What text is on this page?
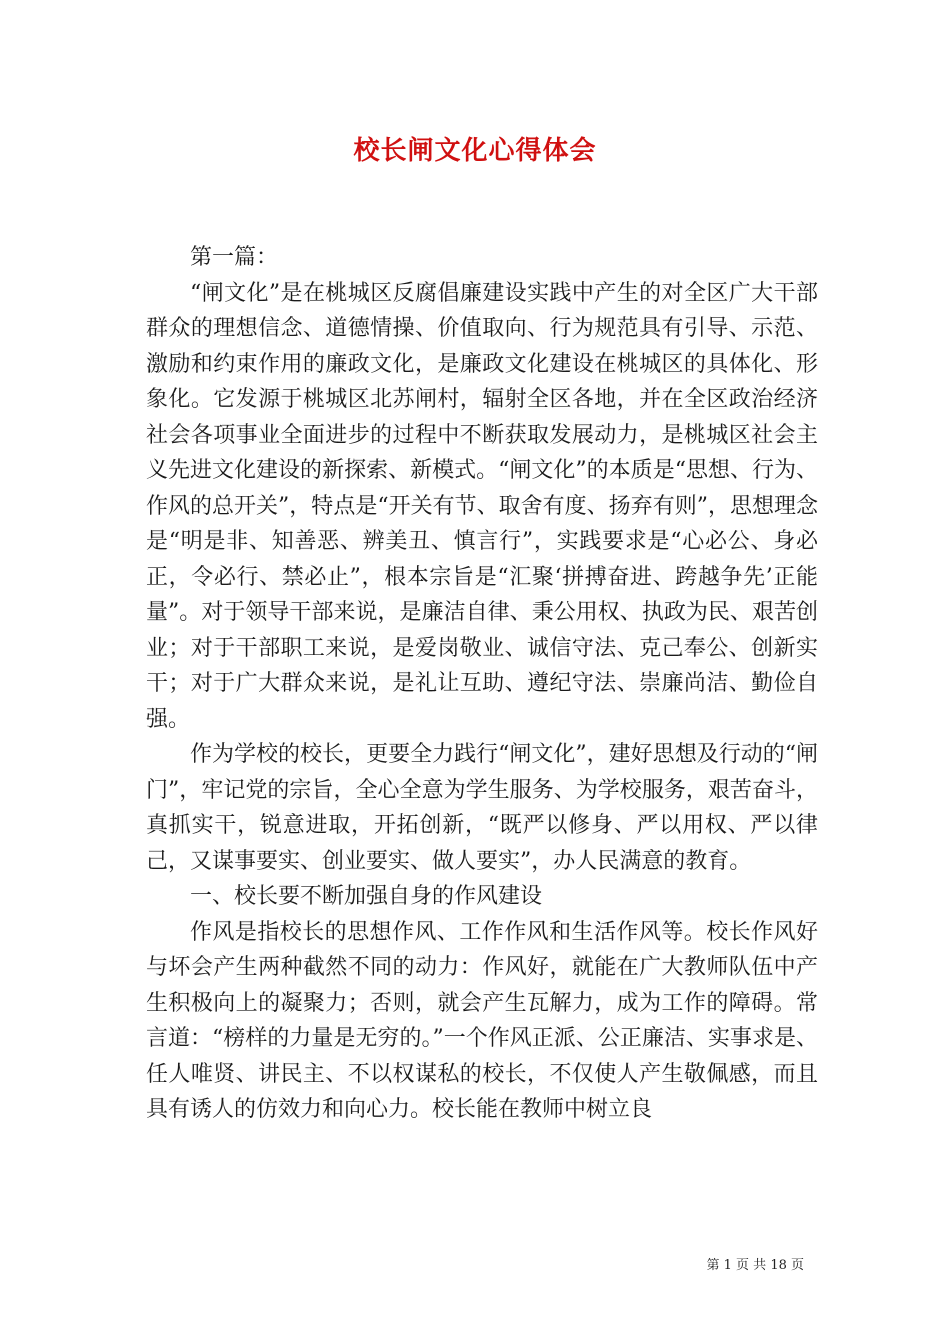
校长闸文化心得体会

第一篇：

“闸文化”是在桃城区反腐倡廉建设实践中产生的对全区广大干部群众的理想信念、道德情操、价值取向、行为规范具有引导、示范、激励和约束作用的廉政文化，是廉政文化建设在桃城区的具体化、形象化。它发源于桃城区北苏闸村，辐射全区各地，并在全区政治经济社会各项事业全面进步的过程中不断获取发展动力，是桃城区社会主义先进文化建设的新探索、新模式。“闸文化”的本质是“思想、行为、作风的总开关”，特点是“开关有节、取舍有度、扬弃有则”，思想理念是“明是非、知善恶、辨美丑、慎言行”，实践要求是“心必公、身必正，令必行、禁必止”，根本宗旨是“汇聚‘拼搏奋进、跨越争先’正能量”。对于领导干部来说，是廉洁自律、秉公用权、执政为民、艰苦创业；对于干部职工来说，是爱岗敬业、诚信守法、克己奉公、创新实干；对于广大群众来说，是礼让互助、遵纪守法、崇廉尚洁、勤俭自强。

作为学校的校长，更要全力践行“闸文化”，建好思想及行动的“闸门”，牢记党的宗旨，全心全意为学生服务、为学校服务，艰苦奋斗，真抓实干，锐意进取，开拓创新，“既严以修身、严以用权、严以律己，又谋事要实、创业要实、做人要实”，办人民满意的教育。

一、校长要不断加强自身的作风建设

作风是指校长的思想作风、工作作风和生活作风等。校长作风好与坏会产生两种截然不同的动力：作风好，就能在广大教师队伍中产生积极向上的凝聚力；否则，就会产生瓦解力，成为工作的障碍。常言道：“榜样的力量是无穷的。”一个作风正派、公正廉洁、实事求是、任人唯贤、讲民主、不以权谋私的校长，不仅使人产生敬佩感，而且具有诱人的仿效力和向心力。校长能在教师中树立良

第 1 页 共 18 页
